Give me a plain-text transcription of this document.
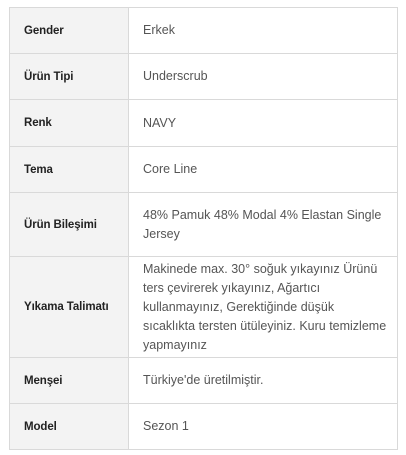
Gender	Erkek
Ürün Tipi	Underscrub
Renk	NAVY
Tema	Core Line
Ürün Bileşimi	48% Pamuk 48% Modal 4% Elastan Single Jersey
Yıkama Talimatı	Makinede max. 30° soğuk yıkayınız Ürünü ters çevirerek yıkayınız, Ağartıcı kullanmayınız, Gerektiğinde düşük sıcaklıkta tersten ütüleyiniz. Kuru temizleme yapmayınız
Menşei	Türkiye'de üretilmiştir.
Model	Sezon 1
